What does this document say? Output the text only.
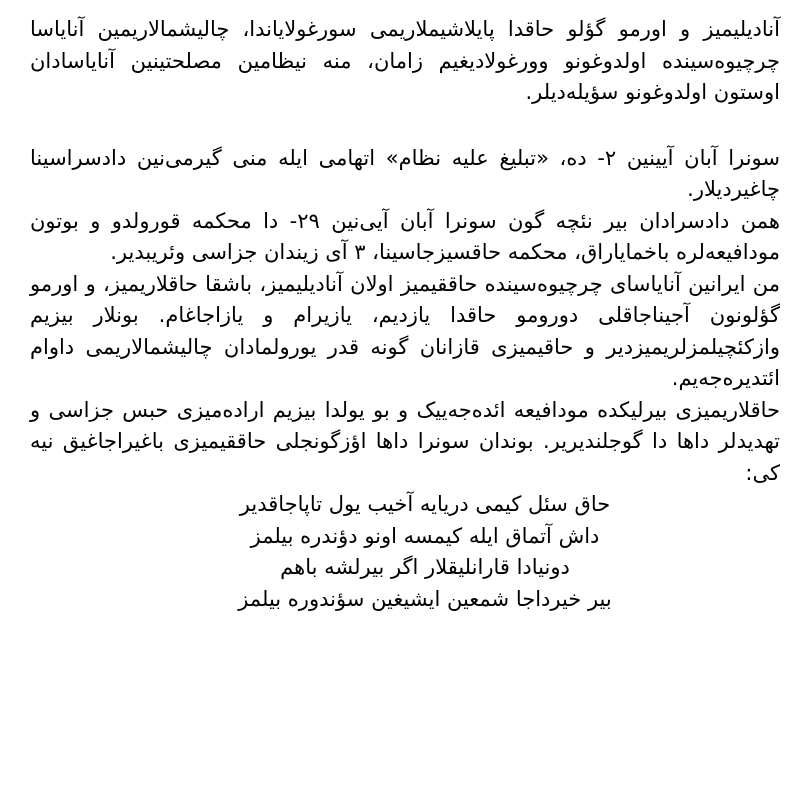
آنادیلیمیز و اورمو گؤلو حاقدا پایلاشیملاریمی سورغولایاندا، چالیشمالاریمین آنایاسا چرچیوه‌سینده اولدوغونو وورغولادیغیم زامان، منه نیظامین مصلحتینین آنایاسادان اوستون اولدوغونو سؤیله‌دیلر.

سونرا آبان آیینین ۲- ده، «تبلیغ علیه نظام» اتهامی ایله منی گیرمی‌نین دادسراسینا چاغیردیلار.

همن دادسرادان بیر نئچه گون سونرا آبان آیی‌نین ۲۹- دا محکمه قورولدو و بوتون مودافیعه‌لره باخمایاراق، محکمه حاقسیزجاسینا، ۳ آی زیندان جزاسی وئریبدیر.

من ایرانین آنایاسای چرچیوه‌سینده حاققیمیز اولان آنادیلیمیز، باشقا حاقلاریمیز، و اورمو گؤلونون آجیناجاقلی دورومو حاقدا یازدیم، یازیرام و یازاجاغام. بونلار بیزیم وازکئچیلمزلریمیزدیر و حاقیمیزی قازانان گونه قدر یورولمادان چالیشمالاریمی داوام ائتدیره‌جه‌یم.

حاقلاریمیزی بیرلیکده مودافیعه ائده‌جه‌ییک و بو یولدا بیزیم اراده‌میزی حبس جزاسی و تهدیدلر داها دا گوجلندیریر. بوندان سونرا داها اؤزگونجلی حاققیمیزی باغیراجاغیق نیه کی:

حاق سئل کیمی دریایه آخیب یول تاپاجاقدیر
داش آتماق ایله کیمسه اونو دؤندره بیلمز
دونیادا قارانلیقلار اگر بیرلشه باهم
بیر خیرداجا شمعین ایشیغین سؤندوره بیلمز
